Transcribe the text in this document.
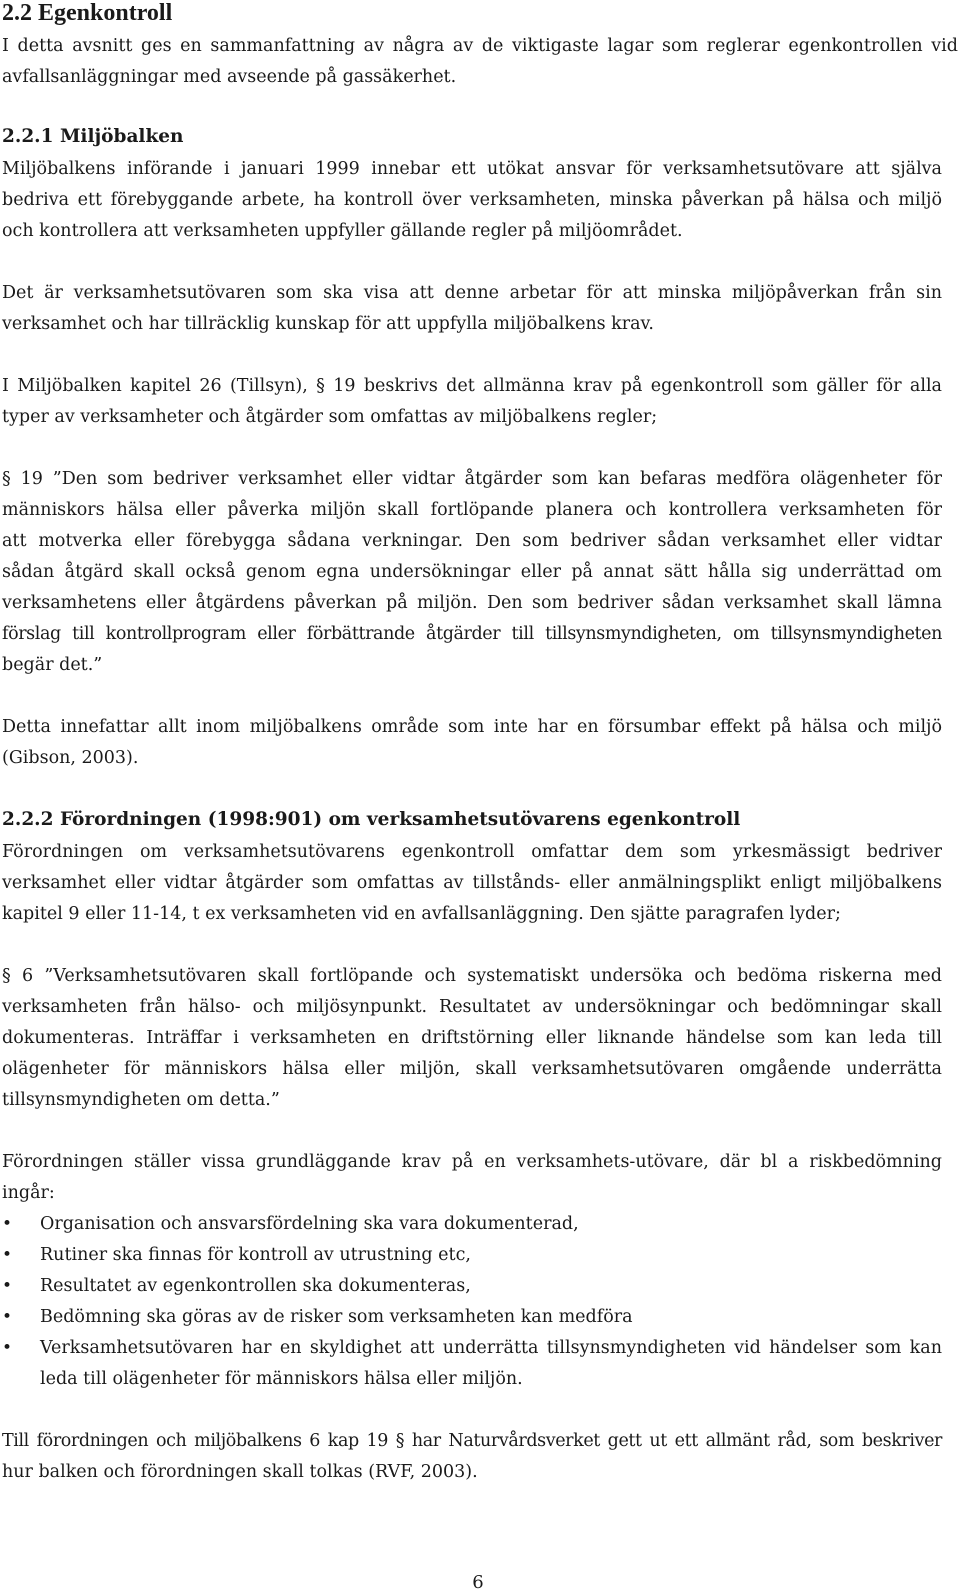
2.2 Egenkontroll
I detta avsnitt ges en sammanfattning av några av de viktigaste lagar som reglerar egenkontrollen vid
avfallsanläggningar med avseende på gassäkerhet.
2.2.1 Miljöbalken
Miljöbalkens införande i januari 1999 innebar ett utökat ansvar för verksamhetsutövare att själva
bedriva ett förebyggande arbete, ha kontroll över verksamheten, minska påverkan på hälsa och miljö
och kontrollera att verksamheten uppfyller gällande regler på miljöområdet.
Det är verksamhetsutövaren som ska visa att denne arbetar för att minska miljöpåverkan från sin
verksamhet och har tillräcklig kunskap för att uppfylla miljöbalkens krav.
I Miljöbalken kapitel 26 (Tillsyn), § 19 beskrivs det allmänna krav på egenkontroll som gäller för alla
typer av verksamheter och åtgärder som omfattas av miljöbalkens regler;
§ 19 ”Den som bedriver verksamhet eller vidtar åtgärder som kan befaras medföra olägenheter för
människors hälsa eller påverka miljön skall fortlöpande planera och kontrollera verksamheten för
att motverka eller förebygga sådana verkningar. Den som bedriver sådan verksamhet eller vidtar
sådan åtgärd skall också genom egna undersökningar eller på annat sätt hålla sig underrättad om
verksamhetens eller åtgärdens påverkan på miljön. Den som bedriver sådan verksamhet skall lämna
förslag till kontrollprogram eller förbättrande åtgärder till tillsynsmyndigheten, om tillsynsmyndigheten
begär det.”
Detta innefattar allt inom miljöbalkens område som inte har en försumbar effekt på hälsa och miljö
(Gibson, 2003).
2.2.2 Förordningen (1998:901) om verksamhetsutövarens egenkontroll
Förordningen om verksamhetsutövarens egenkontroll omfattar dem som yrkesmässigt bedriver
verksamhet eller vidtar åtgärder som omfattas av tillstånds- eller anmälningsplikt enligt miljöbalkens
kapitel 9 eller 11-14, t ex verksamheten vid en avfallsanläggning. Den sjätte paragrafen lyder;
§ 6 ”Verksamhetsutövaren skall fortlöpande och systematiskt undersöka och bedöma riskerna med
verksamheten från hälso- och miljösynpunkt. Resultatet av undersökningar och bedömningar skall
dokumenteras. Inträffar i verksamheten en driftstörning eller liknande händelse som kan leda till
olägenheter för människors hälsa eller miljön, skall verksamhetsutövaren omgående underrätta
tillsynsmyndigheten om detta.”
Förordningen ställer vissa grundläggande krav på en verksamhets-utövare, där bl a riskbedömning
ingår:
• Organisation och ansvarsfördelning ska vara dokumenterad,
• Rutiner ska finnas för kontroll av utrustning etc,
• Resultatet av egenkontrollen ska dokumenteras,
• Bedömning ska göras av de risker som verksamheten kan medföra
• Verksamhetsutövaren har en skyldighet att underrätta tillsynsmyndigheten vid händelser som kan
leda till olägenheter för människors hälsa eller miljön.
Till förordningen och miljöbalkens 6 kap 19 § har Naturvårdsverket gett ut ett allmänt råd, som beskriver
hur balken och förordningen skall tolkas (RVF, 2003).
6
